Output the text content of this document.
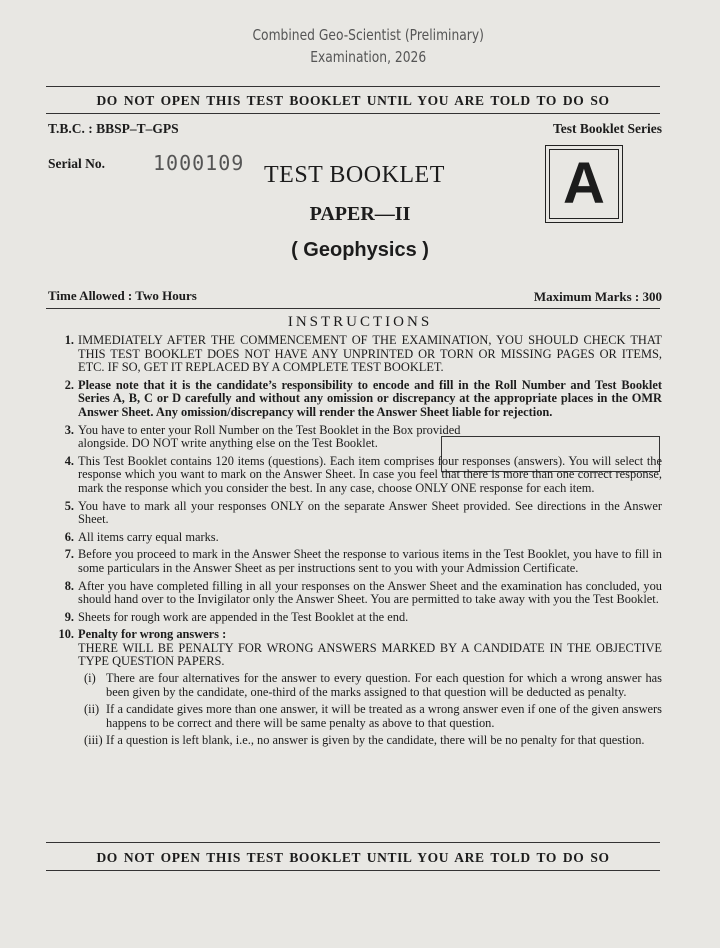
Combined Geo-Scientist (Preliminary)
Examination, 2026
DO NOT OPEN THIS TEST BOOKLET UNTIL YOU ARE TOLD TO DO SO
T.B.C. : BBSP–T–GPS	Test Booklet Series
Serial No. 1000109 TEST BOOKLET A
PAPER—II
( Geophysics )
Time Allowed : Two Hours	Maximum Marks : 300
INSTRUCTIONS
1. IMMEDIATELY AFTER THE COMMENCEMENT OF THE EXAMINATION, YOU SHOULD CHECK THAT THIS TEST BOOKLET DOES NOT HAVE ANY UNPRINTED OR TORN OR MISSING PAGES OR ITEMS, ETC. IF SO, GET IT REPLACED BY A COMPLETE TEST BOOKLET.
2. Please note that it is the candidate’s responsibility to encode and fill in the Roll Number and Test Booklet Series A, B, C or D carefully and without any omission or discrepancy at the appropriate places in the OMR Answer Sheet. Any omission/discrepancy will render the Answer Sheet liable for rejection.
3. You have to enter your Roll Number on the Test Booklet in the Box provided alongside. DO NOT write anything else on the Test Booklet.
4. This Test Booklet contains 120 items (questions). Each item comprises four responses (answers). You will select the response which you want to mark on the Answer Sheet. In case you feel that there is more than one correct response, mark the response which you consider the best. In any case, choose ONLY ONE response for each item.
5. You have to mark all your responses ONLY on the separate Answer Sheet provided. See directions in the Answer Sheet.
6. All items carry equal marks.
7. Before you proceed to mark in the Answer Sheet the response to various items in the Test Booklet, you have to fill in some particulars in the Answer Sheet as per instructions sent to you with your Admission Certificate.
8. After you have completed filling in all your responses on the Answer Sheet and the examination has concluded, you should hand over to the Invigilator only the Answer Sheet. You are permitted to take away with you the Test Booklet.
9. Sheets for rough work are appended in the Test Booklet at the end.
10. Penalty for wrong answers :
THERE WILL BE PENALTY FOR WRONG ANSWERS MARKED BY A CANDIDATE IN THE OBJECTIVE TYPE QUESTION PAPERS.
(i) There are four alternatives for the answer to every question. For each question for which a wrong answer has been given by the candidate, one-third of the marks assigned to that question will be deducted as penalty.
(ii) If a candidate gives more than one answer, it will be treated as a wrong answer even if one of the given answers happens to be correct and there will be same penalty as above to that question.
(iii) If a question is left blank, i.e., no answer is given by the candidate, there will be no penalty for that question.
DO NOT OPEN THIS TEST BOOKLET UNTIL YOU ARE TOLD TO DO SO
